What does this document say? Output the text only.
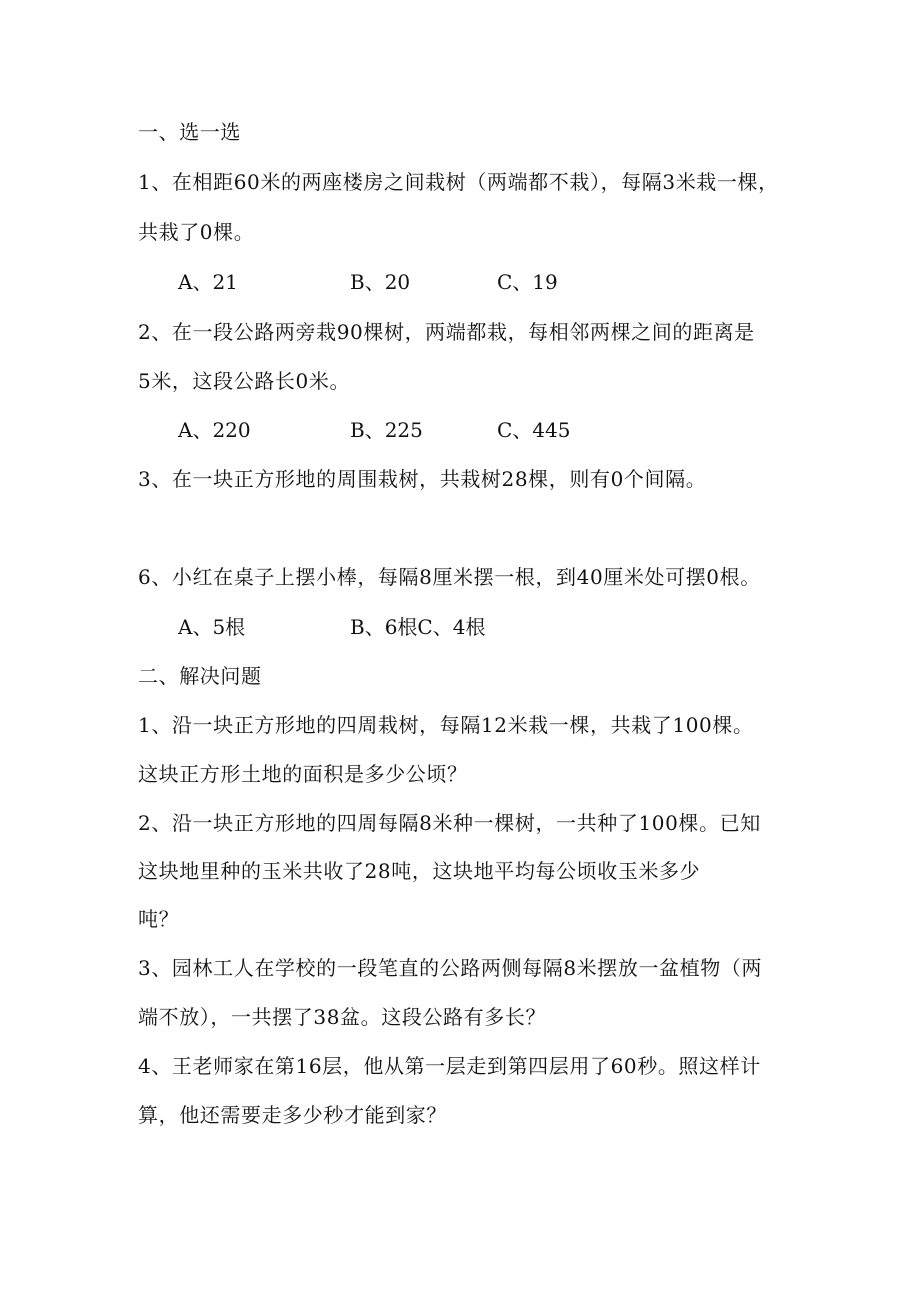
一、选一选
1、在相距60米的两座楼房之间栽树（两端都不栽），每隔3米栽一棵，
共栽了0棵。
A、21	B、20	C、19
2、在一段公路两旁栽90棵树，两端都栽，每相邻两棵之间的距离是
5米，这段公路长0米。
A、220	B、225	C、445
3、在一块正方形地的周围栽树，共栽树28棵，则有0个间隔。
6、小红在桌子上摆小棒，每隔8厘米摆一根，到40厘米处可摆0根。
A、5根	B、6根C、4根
二、解决问题
1、沿一块正方形地的四周栽树，每隔12米栽一棵，共栽了100棵。
这块正方形土地的面积是多少公顷？
2、沿一块正方形地的四周每隔8米种一棵树，一共种了100棵。已知
这块地里种的玉米共收了28吨，这块地平均每公顷收玉米多少
吨？
3、园林工人在学校的一段笔直的公路两侧每隔8米摆放一盆植物（两
端不放），一共摆了38盆。这段公路有多长？
4、王老师家在第16层，他从第一层走到第四层用了60秒。照这样计
算，他还需要走多少秒才能到家？
